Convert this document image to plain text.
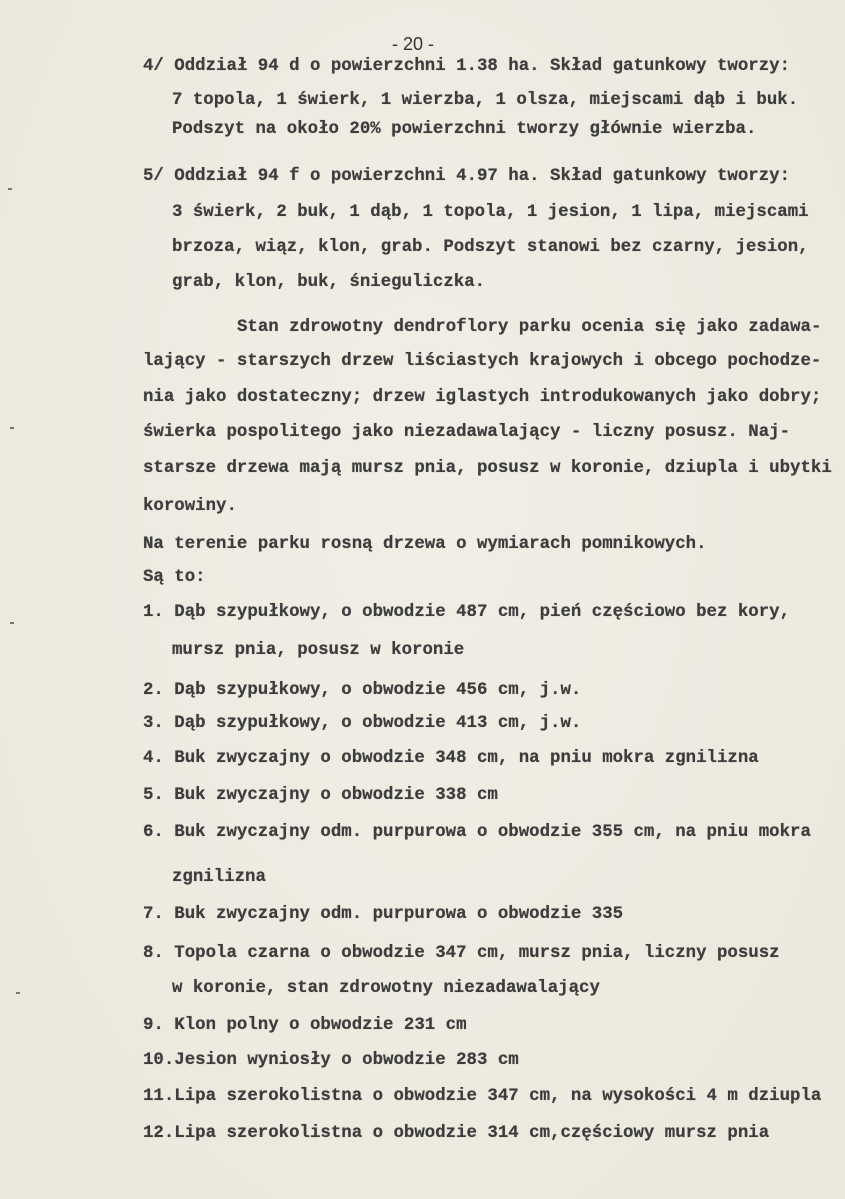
- 20 -
4/ Oddział 94 d o powierzchni 1.38 ha. Skład gatunkowy tworzy:
7 topola, 1 świerk, 1 wierzba, 1 olsza, miejscami dąb i buk.
Podszyt na około 20% powierzchni tworzy głównie wierzba.
5/ Oddział 94 f o powierzchni 4.97 ha. Skład gatunkowy tworzy:
3 świerk, 2 buk, 1 dąb, 1 topola, 1 jesion, 1 lipa, miejscami
brzoza, wiąz, klon, grab. Podszyt stanowi bez czarny, jesion,
grab, klon, buk, śnieguliczka.
Stan zdrowotny dendroflory parku ocenia się jako zadawa-
lający - starszych drzew liściastych krajowych i obcego pochodze-
nia jako dostateczny; drzew iglastych introdukowanych jako dobry;
świerka pospolitego jako niezadawalający - liczny posusz. Naj-
starsze drzewa mają mursz pnia, posusz w koronie, dziupla i ubytki
korowiny.
Na terenie parku rosną drzewa o wymiarach pomnikowych.
Są to:
1. Dąb szypułkowy, o obwodzie 487 cm, pień częściowo bez kory,
mursz pnia, posusz w koronie
2. Dąb szypułkowy, o obwodzie 456 cm, j.w.
3. Dąb szypułkowy, o obwodzie 413 cm, j.w.
4. Buk zwyczajny o obwodzie 348 cm, na pniu mokra zgnilizna
5. Buk zwyczajny o obwodzie 338 cm
6. Buk zwyczajny odm. purpurowa o obwodzie 355 cm, na pniu mokra
zgnilizna
7. Buk zwyczajny odm. purpurowa o obwodzie 335
8. Topola czarna o obwodzie 347 cm, mursz pnia, liczny posusz
w koronie, stan zdrowotny niezadawalający
9. Klon polny o obwodzie 231 cm
10.Jesion wyniosły o obwodzie 283 cm
11.Lipa szerokolistna o obwodzie 347 cm, na wysokości 4 m dziupla
12.Lipa szerokolistna o obwodzie 314 cm,częściowy mursz pnia
